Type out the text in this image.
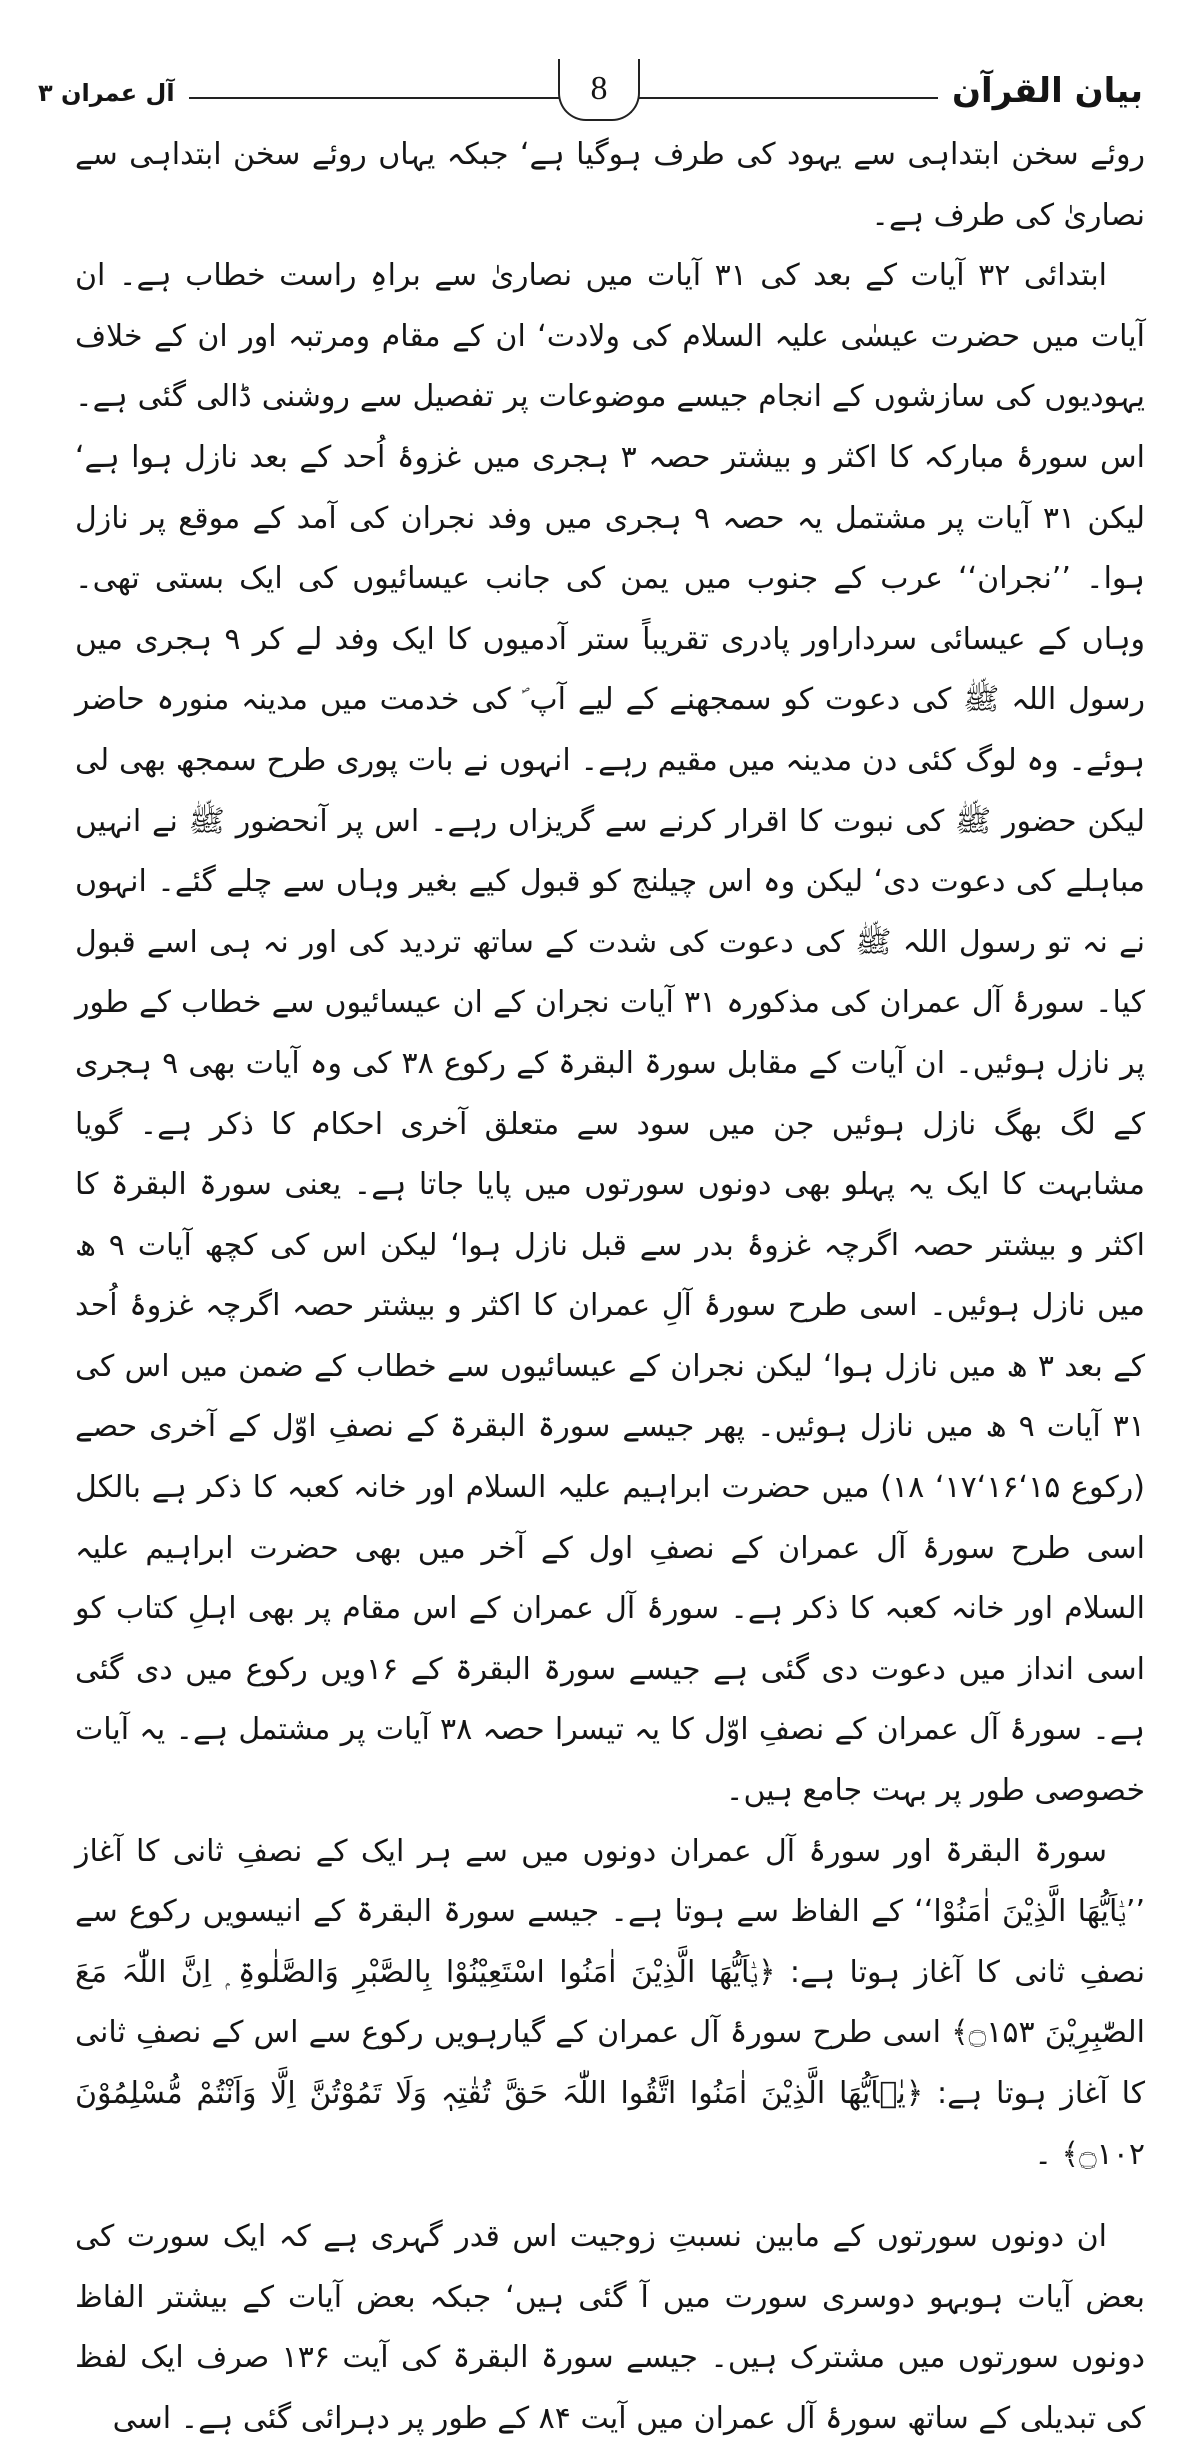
بیان القرآن
8
آل عمران ۳

روئے سخن ابتداہی سے یہود کی طرف ہوگیا ہے‘ جبکہ یہاں روئے سخن ابتداہی سے نصاریٰ کی طرف ہے۔

ابتدائی ۳۲ آیات کے بعد کی ۳۱ آیات میں نصاریٰ سے براہِ راست خطاب ہے۔ ان آیات میں حضرت عیسٰی علیہ السلام کی ولادت‘ ان کے مقام ومرتبہ اور ان کے خلاف یہودیوں کی سازشوں کے انجام جیسے موضوعات پر تفصیل سے روشنی ڈالی گئی ہے۔ اس سورۂ مبارکہ کا اکثر و بیشتر حصہ ۳ ہجری میں غزوۂ اُحد کے بعد نازل ہوا ہے‘ لیکن ۳۱ آیات پر مشتمل یہ حصہ ۹ ہجری میں وفد نجران کی آمد کے موقع پر نازل ہوا۔ ’’نجران‘‘ عرب کے جنوب میں یمن کی جانب عیسائیوں کی ایک بستی تھی۔ وہاں کے عیسائی سرداراور پادری تقریباً ستر آدمیوں کا ایک وفد لے کر ۹ ہجری میں رسول اللہ ﷺ کی دعوت کو سمجھنے کے لیے آپ ؐ کی خدمت میں مدینہ منورہ حاضر ہوئے۔ وہ لوگ کئی دن مدینہ میں مقیم رہے۔ انہوں نے بات پوری طرح سمجھ بھی لی لیکن حضور ﷺ کی نبوت کا اقرار کرنے سے گریزاں رہے۔ اس پر آنحضور ﷺ نے انہیں مباہلے کی دعوت دی‘ لیکن وہ اس چیلنج کو قبول کیے بغیر وہاں سے چلے گئے۔ انہوں نے نہ تو رسول اللہ ﷺ کی دعوت کی شدت کے ساتھ تردید کی اور نہ ہی اسے قبول کیا۔ سورۂ آل عمران کی مذکورہ ۳۱ آیات نجران کے ان عیسائیوں سے خطاب کے طور پر نازل ہوئیں۔ ان آیات کے مقابل سورۃ البقرۃ کے رکوع ۳۸ کی وہ آیات بھی ۹ ہجری کے لگ بھگ نازل ہوئیں جن میں سود سے متعلق آخری احکام کا ذکر ہے۔ گویا مشابہت کا ایک یہ پہلو بھی دونوں سورتوں میں پایا جاتا ہے۔ یعنی سورۃ البقرۃ کا اکثر و بیشتر حصہ اگرچہ غزوۂ بدر سے قبل نازل ہوا‘ لیکن اس کی کچھ آیات ۹ ھ میں نازل ہوئیں۔ اسی طرح سورۂ آلِ عمران کا اکثر و بیشتر حصہ اگرچہ غزوۂ اُحد کے بعد ۳ ھ میں نازل ہوا‘ لیکن نجران کے عیسائیوں سے خطاب کے ضمن میں اس کی ۳۱ آیات ۹ ھ میں نازل ہوئیں۔ پھر جیسے سورۃ البقرۃ کے نصفِ اوّل کے آخری حصے (رکوع ۱۵‘۱۶‘۱۷‘ ۱۸) میں حضرت ابراہیم علیہ السلام اور خانہ کعبہ کا ذکر ہے بالکل اسی طرح سورۂ آل عمران کے نصفِ اول کے آخر میں بھی حضرت ابراہیم علیہ السلام اور خانہ کعبہ کا ذکر ہے۔ سورۂ آل عمران کے اس مقام پر بھی اہلِ کتاب کو اسی انداز میں دعوت دی گئی ہے جیسے سورۃ البقرۃ کے ۱۶ویں رکوع میں دی گئی ہے۔ سورۂ آل عمران کے نصفِ اوّل کا یہ تیسرا حصہ ۳۸ آیات پر مشتمل ہے۔ یہ آیات خصوصی طور پر بہت جامع ہیں۔

سورۃ البقرۃ اور سورۂ آل عمران دونوں میں سے ہر ایک کے نصفِ ثانی کا آغاز ’’یٰۤاَیُّھَا الَّذِیْنَ اٰمَنُوْا‘‘ کے الفاظ سے ہوتا ہے۔ جیسے سورۃ البقرۃ کے انیسویں رکوع سے نصفِ ثانی کا آغاز ہوتا ہے: ﴿یٰۤاَیُّھَا الَّذِیْنَ اٰمَنُوا اسْتَعِیْنُوْا بِالصَّبْرِ وَالصَّلٰوۃِ ۭ اِنَّ اللّٰہَ مَعَ الصّٰبِرِیْنَ ۝۱۵۳﴾ اسی طرح سورۂ آل عمران کے گیارہویں رکوع سے اس کے نصفِ ثانی کا آغاز ہوتا ہے: ﴿یٰۤاَیُّھَا الَّذِیْنَ اٰمَنُوا اتَّقُوا اللّٰہَ حَقَّ تُقٰتِہٖ وَلَا تَمُوْتُنَّ اِلَّا وَاَنْتُمْ مُّسْلِمُوْنَ ۝۱۰۲﴾ ۔

ان دونوں سورتوں کے مابین نسبتِ زوجیت اس قدر گہری ہے کہ ایک سورت کی بعض آیات ہوبہو دوسری سورت میں آ گئی ہیں‘ جبکہ بعض آیات کے بیشتر الفاظ دونوں سورتوں میں مشترک ہیں۔ جیسے سورۃ البقرۃ کی آیت ۱۳۶ صرف ایک لفظ کی تبدیلی کے ساتھ سورۂ آل عمران میں آیت ۸۴ کے طور پر دہرائی گئی ہے۔ اسی
